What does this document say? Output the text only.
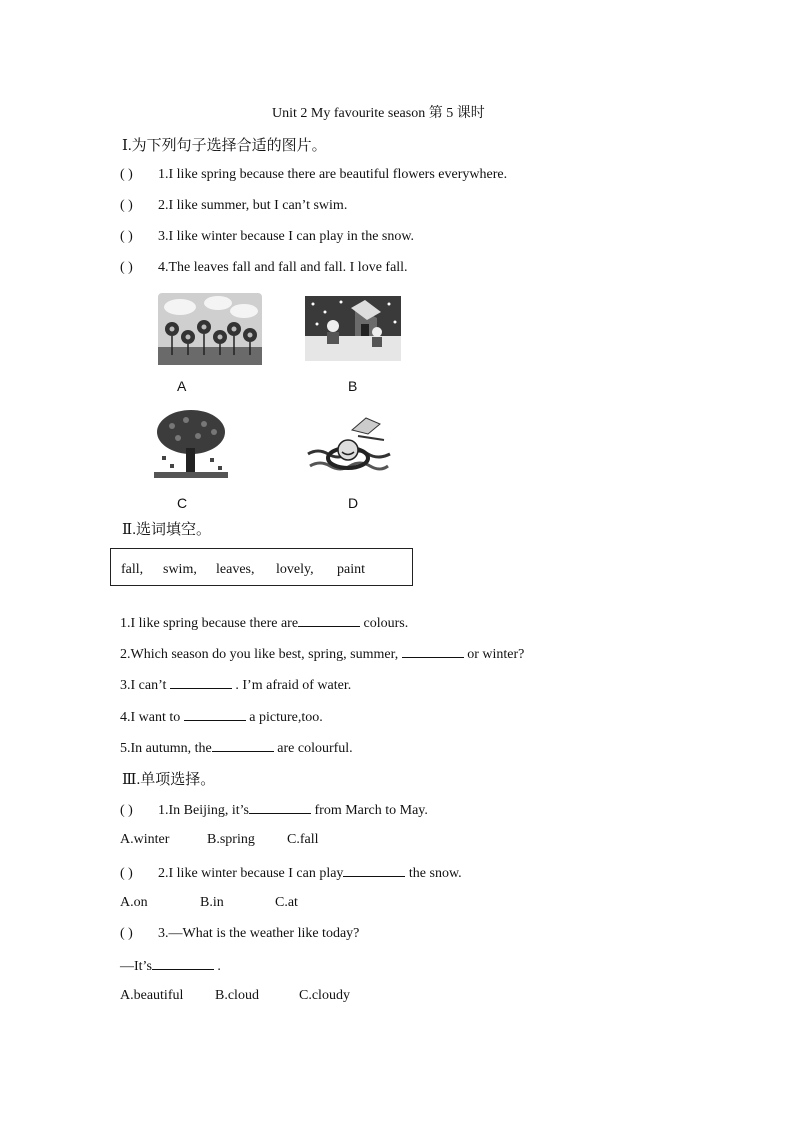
Unit 2 My favourite season 第 5 课时
Ⅰ.为下列句子选择合适的图片。
( ) 1.I like spring because there are beautiful flowers everywhere.
( ) 2.I like summer, but I can’t swim.
( ) 3.I like winter because I can play in the snow.
( ) 4.The leaves fall and fall and fall. I love fall.
A	B
C	D
Ⅱ.选词填空。
fall, swim, leaves, lovely, paint
1.I like spring because there are	colours.
2.Which season do you like best, spring, summer,	or winter?
3.I can’t	. I’m afraid of water.
4.I want to	a picture,too.
5.In autumn, the	are colourful.
Ⅲ.单项选择。
( ) 1.In Beijing, it’s	from March to May.
A.winter	B.spring C.fall
( ) 2.I like winter because I can play	the snow.
A.on	B.in	C.at
( ) 3.—What is the weather like today?
—It’s	.
A.beautiful B.cloud	C.cloudy
